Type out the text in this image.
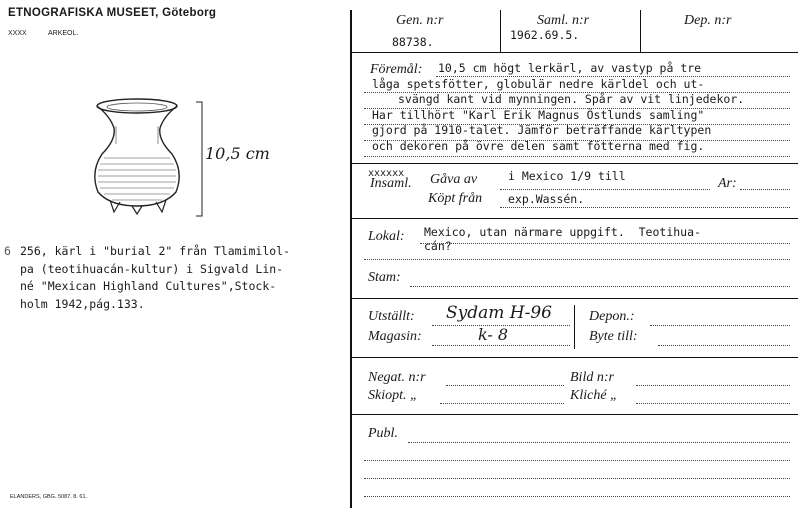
ETNOGRAFISKA MUSEET, Göteborg
XXXX	ARKEOL.
10,5 cm
6 256, kärl i "burial 2" från Tlamimilol-
pa (teotihuacán-kultur) i Sigvald Lin-
né "Mexican Highland Cultures",Stock-
holm 1942,pág.133.
ELANDERS, GBG. 5087. 8. 61.
Gen. n:r
88738.
Saml. n:r
1962.69.5.
Dep. n:r
Föremål:	10,5 cm högt lerkärl, av vastyp på tre
låga spetsfötter, globulär nedre kärldel och ut-
svängd kant vid mynningen. Spår av vit linjedekor.
Har tillhört "Karl Erik Magnus Östlunds samling"
gjord på 1910-talet. Jämför beträffande kärltypen
och dekoren på övre delen samt fötterna med fig.
xxxxxx
Insaml. Gåva av	i Mexico 1/9 till	Ar:
Köpt från exp.Wassén.
Lokal: Mexico, utan närmare uppgift.  Teotihua-
cán?
Stam:
Utställt: Sydam H-96
Magasin:	k- 8
Depon.:
Byte till:
Negat. n:r	Bild n:r
Skiopt. „	Kliché „
Publ.
